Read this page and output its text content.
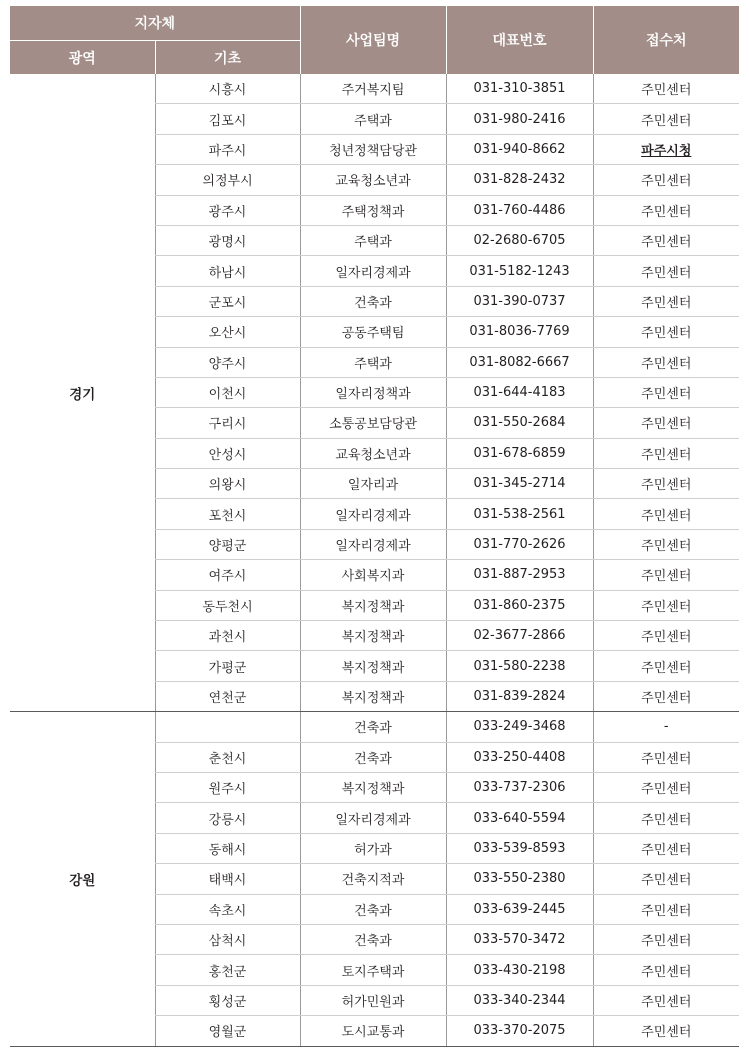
지자체		사업팀명	대표번호	접수처
광역	기초			
경기	시흥시	주거복지팀	031-310-3851	주민센터
	김포시	주택과	031-980-2416	주민센터
	파주시	청년정책담당관	031-940-8662	파주시청
	의정부시	교육청소년과	031-828-2432	주민센터
	광주시	주택정책과	031-760-4486	주민센터
	광명시	주택과	02-2680-6705	주민센터
	하남시	일자리경제과	031-5182-1243	주민센터
	군포시	건축과	031-390-0737	주민센터
	오산시	공동주택팀	031-8036-7769	주민센터
	양주시	주택과	031-8082-6667	주민센터
	이천시	일자리정책과	031-644-4183	주민센터
	구리시	소통공보담당관	031-550-2684	주민센터
	안성시	교육청소년과	031-678-6859	주민센터
	의왕시	일자리과	031-345-2714	주민센터
	포천시	일자리경제과	031-538-2561	주민센터
	양평군	일자리경제과	031-770-2626	주민센터
	여주시	사회복지과	031-887-2953	주민센터
	동두천시	복지정책과	031-860-2375	주민센터
	과천시	복지정책과	02-3677-2866	주민센터
	가평군	복지정책과	031-580-2238	주민센터
	연천군	복지정책과	031-839-2824	주민센터
강원		건축과	033-249-3468	-
	춘천시	건축과	033-250-4408	주민센터
	원주시	복지정책과	033-737-2306	주민센터
	강릉시	일자리경제과	033-640-5594	주민센터
	동해시	허가과	033-539-8593	주민센터
	태백시	건축지적과	033-550-2380	주민센터
	속초시	건축과	033-639-2445	주민센터
	삼척시	건축과	033-570-3472	주민센터
	홍천군	토지주택과	033-430-2198	주민센터
	횡성군	허가민원과	033-340-2344	주민센터
	영월군	도시교통과	033-370-2075	주민센터
